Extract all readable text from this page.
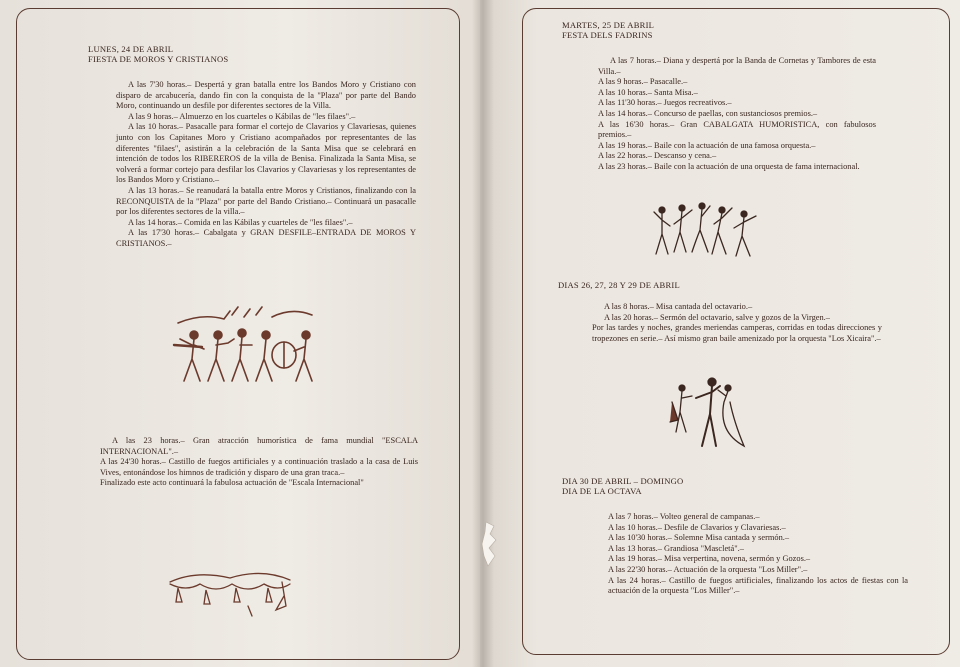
LUNES, 24 DE ABRIL

FIESTA DE MOROS Y CRISTIANOS

A las 7'30 horas.– Despertá y gran batalla entre los Bandos Moro y Cristiano con disparo de arcabucería, dando fin con la conquista de la "Plaza" por parte del Bando Moro, continuando un desfile por diferentes sectores de la Villa.

A las 9 horas.– Almuerzo en los cuarteles o Kábilas de "les filaes".–

A las 10 horas.– Pasacalle para formar el cortejo de Clavarios y Clavariesas, quienes junto con los Capitanes Moro y Cristiano acompañados por representantes de las diferentes "filaes", asistirán a la celebración de la Santa Misa que se celebrará en intención de todos los RIBEREROS de la villa de Benisa. Finalizada la Santa Misa, se volverá a formar cortejo para desfilar los Clavarios y Clavariesas y los representantes de los Bandos Moro y Cristiano.–

A las 13 horas.– Se reanudará la batalla entre Moros y Cristianos, finalizando con la RECONQUISTA de la "Plaza" por parte del Bando Cristiano.– Continuará un pasacalle por los diferentes sectores de la villa.–

A las 14 horas.– Comida en las Kábilas y cuarteles de "les filaes".–

A las 17'30 horas.– Cabalgata y GRAN DESFILE–ENTRADA DE MOROS Y CRISTIANOS.–

A las 23 horas.– Gran atracción humorística de fama mundial "ESCALA INTERNACIONAL".–

A las 24'30 horas.– Castillo de fuegos artificiales y a continuación traslado a la casa de Luis Vives, entonándose los himnos de tradición y disparo de una gran traca.–

Finalizado este acto continuará la fabulosa actuación de "Escala Internacional"

MARTES, 25 DE ABRIL

FESTA DELS FADRINS

A las 7 horas.– Diana y despertá por la Banda de Cornetas y Tambores de esta Villa.–

A las 9 horas.– Pasacalle.–

A las 10 horas.– Santa Misa.–

A las 11'30 horas.– Juegos recreativos.–

A las 14 horas.– Concurso de paellas, con sustanciosos premios.–

A las 16'30 horas.– Gran CABALGATA HUMORISTICA, con fabulosos premios.–

A las 19 horas.– Baile con la actuación de una famosa orquesta.–

A las 22 horas.– Descanso y cena.–

A las 23 horas.– Baile con la actuación de una orquesta de fama internacional.

DIAS 26, 27, 28 Y 29 DE ABRIL

A las 8 horas.– Misa cantada del octavario.–

A las 20 horas.– Sermón del octavario, salve y gozos de la Virgen.–

Por las tardes y noches, grandes meriendas camperas, corridas en todas direcciones y tropezones en serie.– Así mismo gran baile amenizado por la orquesta "Los Xicaira".–

DIA 30 DE ABRIL – DOMINGO

DIA DE LA OCTAVA

A las 7 horas.– Volteo general de campanas.–

A las 10 horas.– Desfile de Clavarios y Clavariesas.–

A las 10'30 horas.– Solemne Misa cantada y sermón.–

A las 13 horas.– Grandiosa "Mascletá".–

A las 19 horas.– Misa verpertina, novena, sermón y Gozos.–

A las 22'30 horas.– Actuación de la orquesta "Los Miller".–

A las 24 horas.– Castillo de fuegos artificiales, finalizando los actos de fiestas con la actuación de la orquesta "Los Miller".–
